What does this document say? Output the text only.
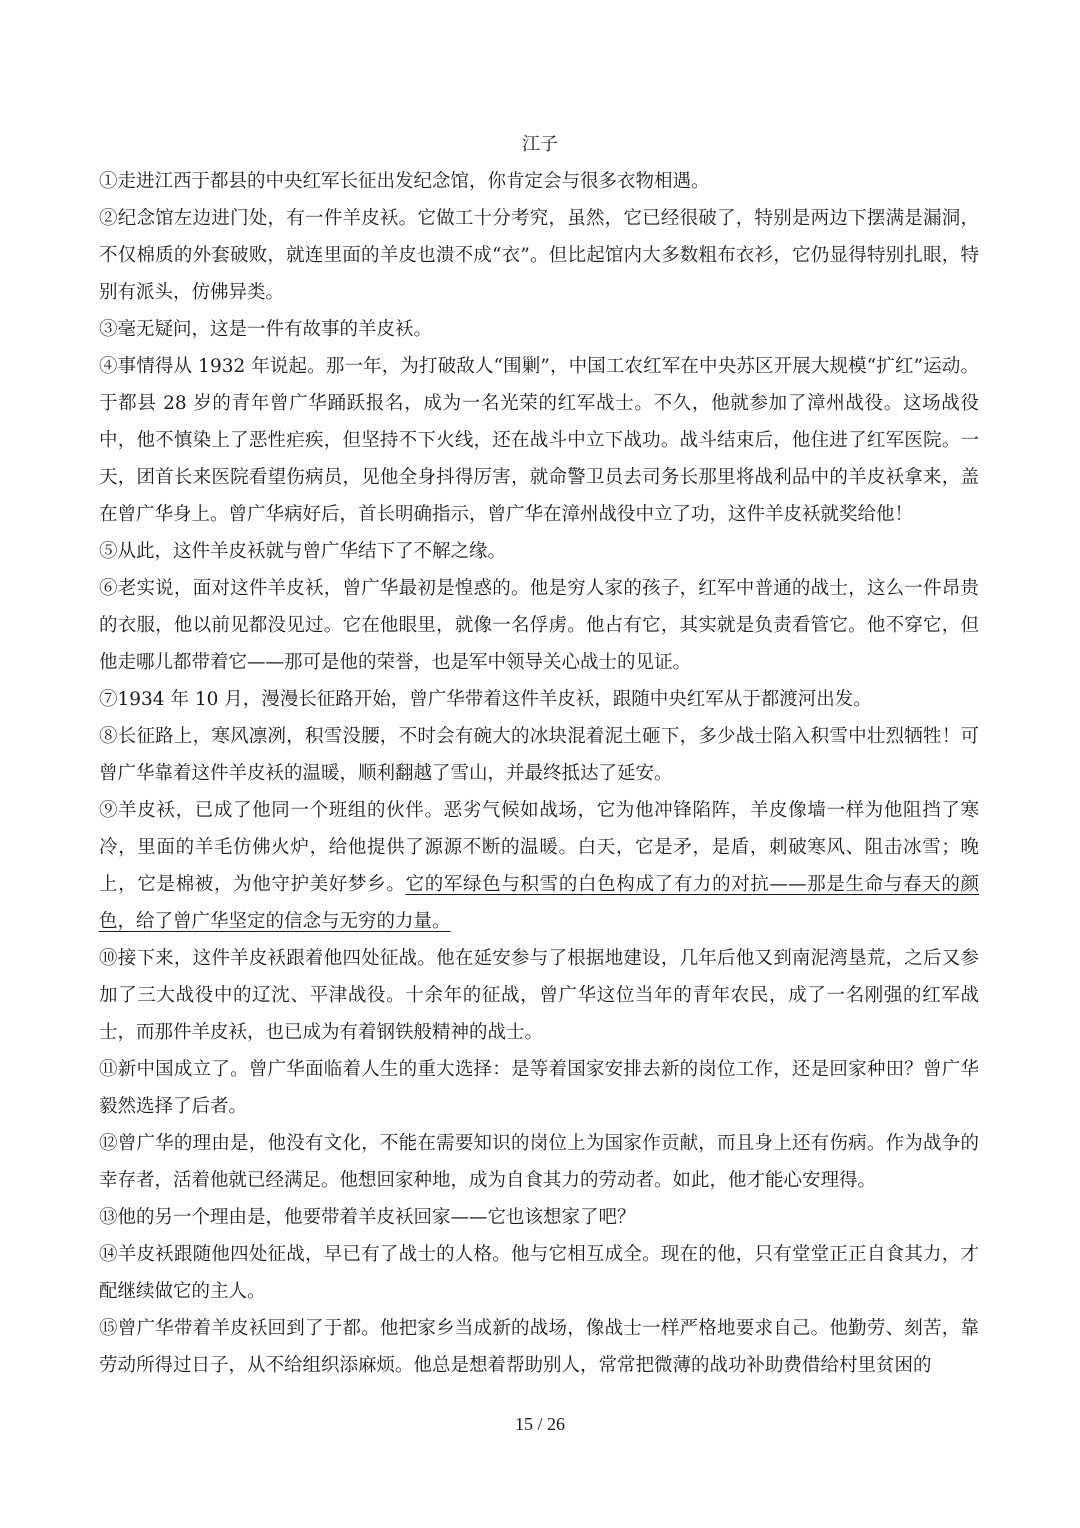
江子

①走进江西于都县的中央红军长征出发纪念馆，你肯定会与很多衣物相遇。

②纪念馆左边进门处，有一件羊皮袄。它做工十分考究，虽然，它已经很破了，特别是两边下摆满是漏洞，不仅棉质的外套破败，就连里面的羊皮也溃不成“衣”。但比起馆内大多数粗布衣衫，它仍显得特别扎眼，特别有派头，仿佛异类。

③毫无疑问，这是一件有故事的羊皮袄。

④事情得从 1932 年说起。那一年，为打破敌人“围剿”，中国工农红军在中央苏区开展大规模“扩红”运动。于都县 28 岁的青年曾广华踊跃报名，成为一名光荣的红军战士。不久，他就参加了漳州战役。这场战役中，他不慎染上了恶性疟疾，但坚持不下火线，还在战斗中立下战功。战斗结束后，他住进了红军医院。一天，团首长来医院看望伤病员，见他全身抖得厉害，就命警卫员去司务长那里将战利品中的羊皮袄拿来，盖在曾广华身上。曾广华病好后，首长明确指示，曾广华在漳州战役中立了功，这件羊皮袄就奖给他！

⑤从此，这件羊皮袄就与曾广华结下了不解之缘。

⑥老实说，面对这件羊皮袄，曾广华最初是惶惑的。他是穷人家的孩子，红军中普通的战士，这么一件昂贵的衣服，他以前见都没见过。它在他眼里，就像一名俘虏。他占有它，其实就是负责看管它。他不穿它，但他走哪儿都带着它——那可是他的荣誉，也是军中领导关心战士的见证。

⑦1934 年 10 月，漫漫长征路开始，曾广华带着这件羊皮袄，跟随中央红军从于都渡河出发。

⑧长征路上，寒风凛冽，积雪没腰，不时会有碗大的冰块混着泥土砸下，多少战士陷入积雪中壮烈牺牲！可曾广华靠着这件羊皮袄的温暖，顺利翻越了雪山，并最终抵达了延安。

⑨羊皮袄，已成了他同一个班组的伙伴。恶劣气候如战场，它为他冲锋陷阵，羊皮像墙一样为他阻挡了寒冷，里面的羊毛仿佛火炉，给他提供了源源不断的温暖。白天，它是矛，是盾，刺破寒风、阻击冰雪；晚上，它是棉被，为他守护美好梦乡。它的军绿色与积雪的白色构成了有力的对抗——那是生命与春天的颜色，给了曾广华坚定的信念与无穷的力量。

⑩接下来，这件羊皮袄跟着他四处征战。他在延安参与了根据地建设，几年后他又到南泥湾垦荒，之后又参加了三大战役中的辽沈、平津战役。十余年的征战，曾广华这位当年的青年农民，成了一名刚强的红军战士，而那件羊皮袄，也已成为有着钢铁般精神的战士。

⑪新中国成立了。曾广华面临着人生的重大选择：是等着国家安排去新的岗位工作，还是回家种田？曾广华毅然选择了后者。

⑫曾广华的理由是，他没有文化，不能在需要知识的岗位上为国家作贡献，而且身上还有伤病。作为战争的幸存者，活着他就已经满足。他想回家种地，成为自食其力的劳动者。如此，他才能心安理得。

⑬他的另一个理由是，他要带着羊皮袄回家——它也该想家了吧？

⑭羊皮袄跟随他四处征战，早已有了战士的人格。他与它相互成全。现在的他，只有堂堂正正自食其力，才配继续做它的主人。

⑮曾广华带着羊皮袄回到了于都。他把家乡当成新的战场，像战士一样严格地要求自己。他勤劳、刻苦，靠劳动所得过日子，从不给组织添麻烦。他总是想着帮助别人，常常把微薄的战功补助费借给村里贫困的

15 / 26
